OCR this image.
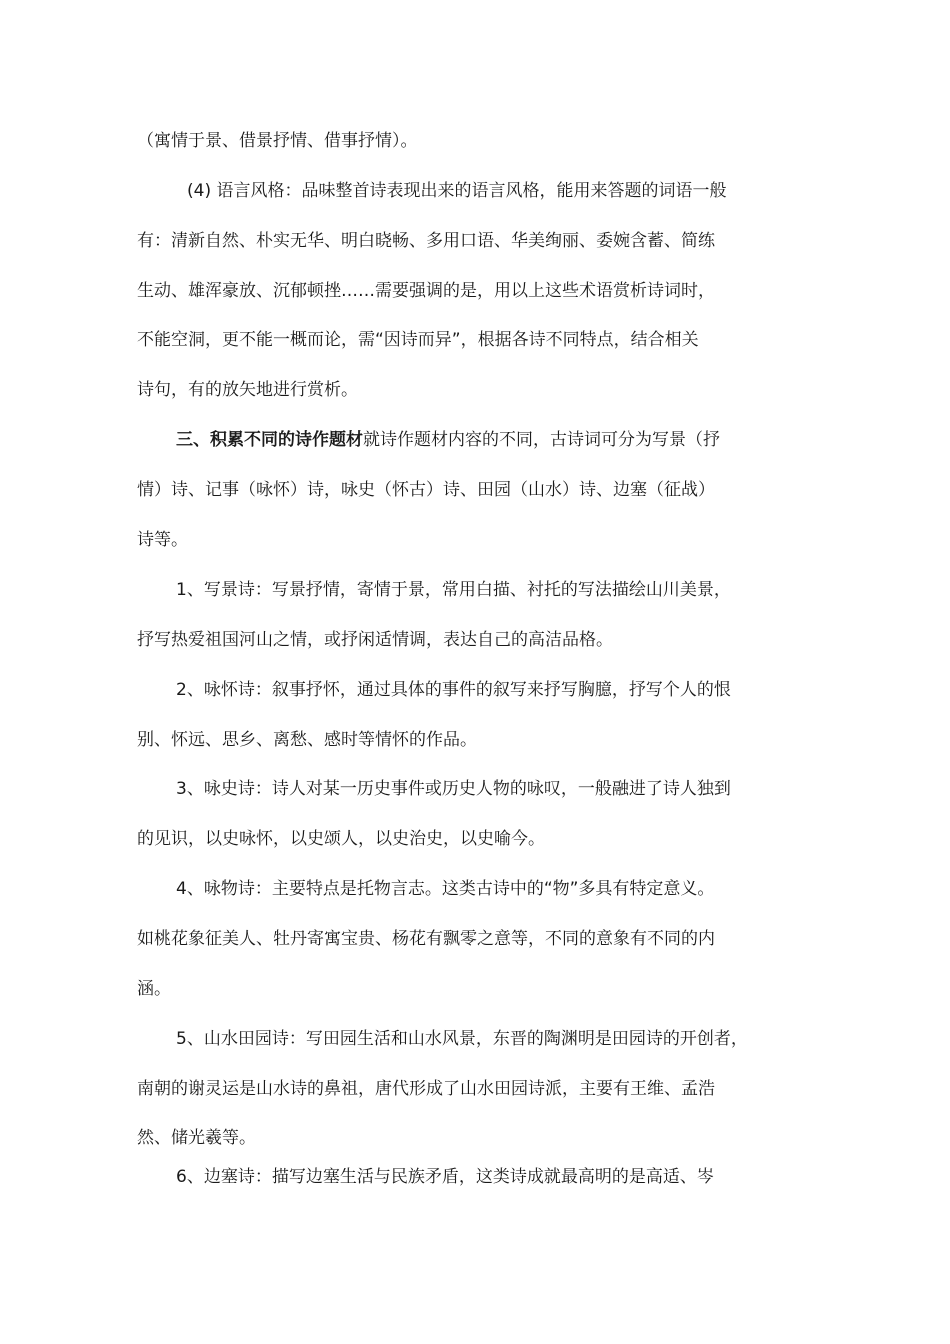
（寓情于景、借景抒情、借事抒情）。
(4) 语言风格：品味整首诗表现出来的语言风格，能用来答题的词语一般
有：清新自然、朴实无华、明白晓畅、多用口语、华美绚丽、委婉含蓄、简练
生动、雄浑豪放、沉郁顿挫……需要强调的是，用以上这些术语赏析诗词时，
不能空洞，更不能一概而论，需“因诗而异”，根据各诗不同特点，结合相关
诗句，有的放矢地进行赏析。
三、积累不同的诗作题材就诗作题材内容的不同，古诗词可分为写景（抒
情）诗、记事（咏怀）诗，咏史（怀古）诗、田园（山水）诗、边塞（征战）
诗等。
1、写景诗：写景抒情，寄情于景，常用白描、衬托的写法描绘山川美景，
抒写热爱祖国河山之情，或抒闲适情调，表达自己的高洁品格。
2、咏怀诗：叙事抒怀，通过具体的事件的叙写来抒写胸臆，抒写个人的恨
别、怀远、思乡、离愁、感时等情怀的作品。
3、咏史诗：诗人对某一历史事件或历史人物的咏叹，一般融进了诗人独到
的见识，以史咏怀，以史颂人，以史治史，以史喻今。
4、咏物诗：主要特点是托物言志。这类古诗中的“物”多具有特定意义。
如桃花象征美人、牡丹寄寓宝贵、杨花有飘零之意等，不同的意象有不同的内
涵。
5、山水田园诗：写田园生活和山水风景，东晋的陶渊明是田园诗的开创者，
南朝的谢灵运是山水诗的鼻祖，唐代形成了山水田园诗派，主要有王维、孟浩
然、储光羲等。
6、边塞诗：描写边塞生活与民族矛盾，这类诗成就最高明的是高适、岑
